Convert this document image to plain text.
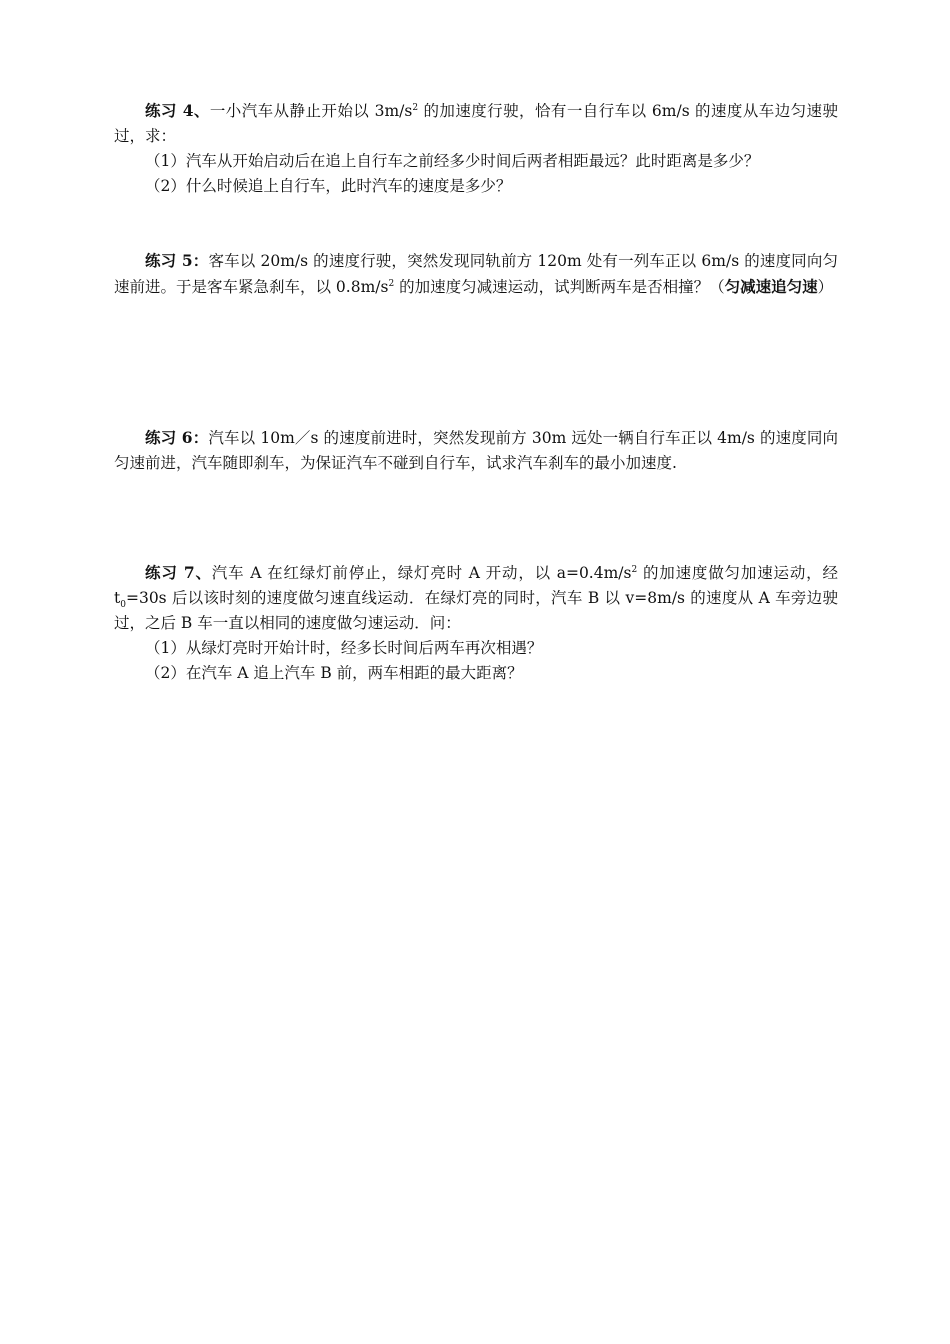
练习 4、一小汽车从静止开始以 $3m/s^2$ 的加速度行驶，恰有一自行车以 6m/s 的速度从车边匀速驶过，求：

（1）汽车从开始启动后在追上自行车之前经多少时间后两者相距最远？此时距离是多少？

（2）什么时候追上自行车，此时汽车的速度是多少？

练习 5：客车以 20m/s 的速度行驶，突然发现同轨前方 120m 处有一列车正以 6m/s 的速度同向匀速前进。于是客车紧急刹车，以 $0.8m/s^2$ 的加速度匀减速运动，试判断两车是否相撞？（匀减速追匀速）

练习 6：汽车以 10m／s 的速度前进时，突然发现前方 30m 远处一辆自行车正以 4m/s 的速度同向匀速前进，汽车随即刹车，为保证汽车不碰到自行车，试求汽车刹车的最小加速度.

练习 7、汽车 A 在红绿灯前停止，绿灯亮时 A 开动，以 $a=0.4m/s^2$ 的加速度做匀加速运动，经 $t_0=30s$ 后以该时刻的速度做匀速直线运动．在绿灯亮的同时，汽车 B 以 v=8m/s 的速度从 A 车旁边驶过，之后 B 车一直以相同的速度做匀速运动．问：

（1）从绿灯亮时开始计时，经多长时间后两车再次相遇？

（2）在汽车 A 追上汽车 B 前，两车相距的最大距离？
